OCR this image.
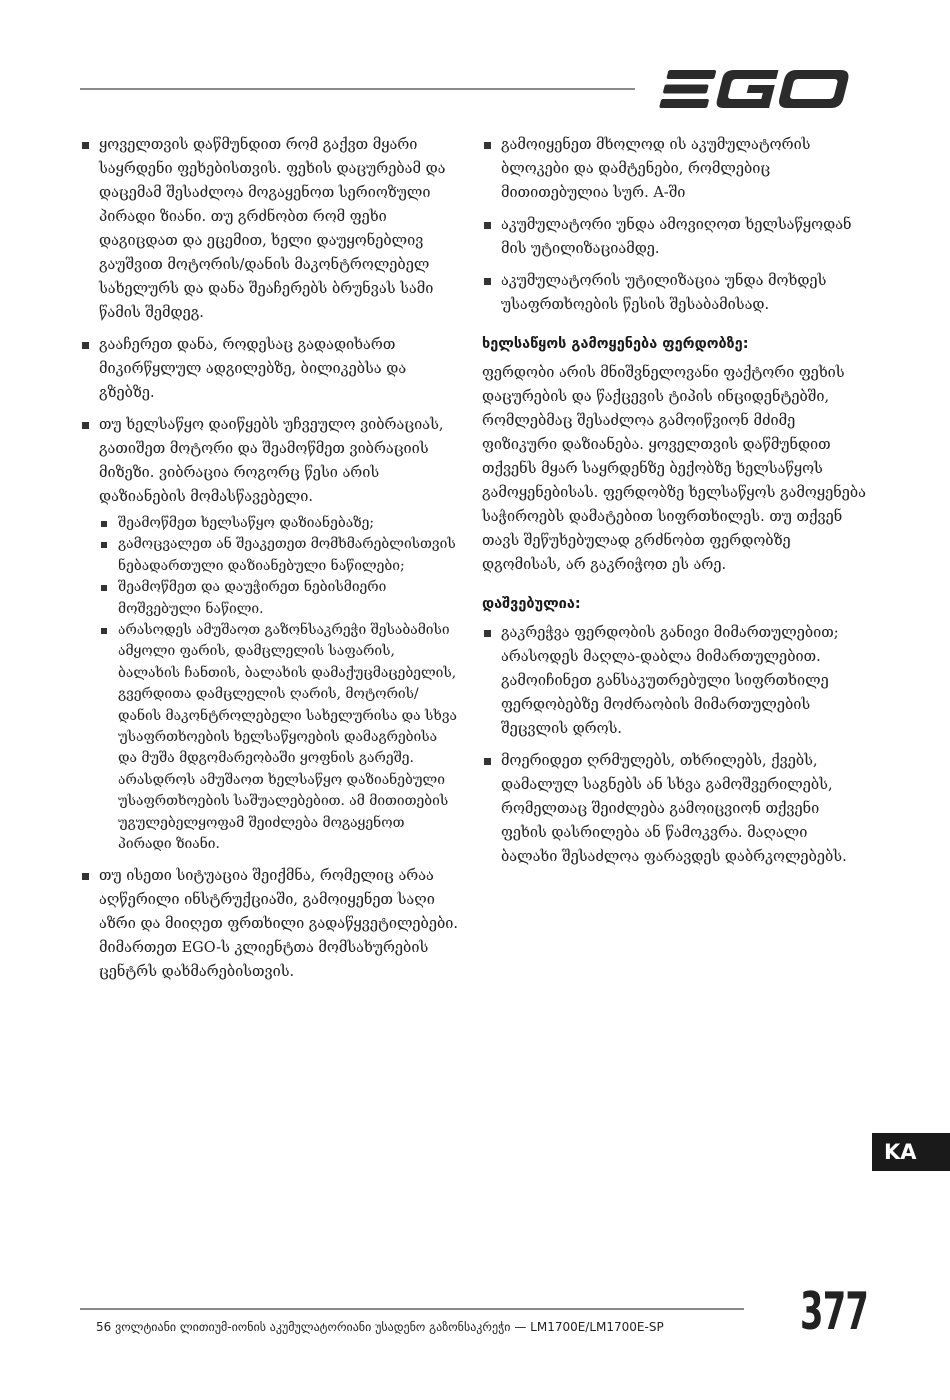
ყოველთვის დაწმუნდით რომ გაქვთ მყარი საყრდენი ფეხებისთვის. ფეხის დაცურებამ და დაცემამ შესაძლოა მოგაყენოთ სერიოზული პირადი ზიანი. თუ გრძნობთ რომ ფეხი დაგიცდათ და ეცემით, ხელი დაუყონებლივ გაუშვით მოტორის/დანის მაკონტროლებელ სახელურს და დანა შეაჩერებს ბრუნვას სამი წამის შემდეგ.
გააჩერეთ დანა, როდესაც გადადიხართ მიკირწყლულ ადგილებზე, ბილიკებსა და გზებზე.
თუ ხელსაწყო დაიწყებს უჩვეულო ვიბრაციას, გათიშეთ მოტორი და შეამოწმეთ ვიბრაციის მიზეზი. ვიბრაცია როგორც წესი არის დაზიანების მომასწავებელი.
შეამოწმეთ ხელსაწყო დაზიანებაზე;
გამოცვალეთ ან შეაკეთეთ მომხმარებლისთვის ნებადართული დაზიანებული ნაწილები;
შეამოწმეთ და დაუჭირეთ ნებისმიერი მოშვებული ნაწილი.
არასოდეს ამუშაოთ გაზონსაკრეჭი შესაბამისი ამყოლი ფარის, დამცლელის საფარის, ბალახის ჩანთის, ბალახის დამაქუცმაცებელის, გვერდითა დამცლელის ღარის, მოტორის/დანის მაკონტროლებელი სახელურისა და სხვა უსაფრთხოების ხელსაწყოების დამაგრებისა და მუშა მდგომარეობაში ყოფნის გარეშე. არასდროს ამუშაოთ ხელსაწყო დაზიანებული უსაფრთხოების საშუალებებით. ამ მითითების უგულებელყოფამ შეიძლება მოგაყენოთ პირადი ზიანი.
თუ ისეთი სიტუაცია შეიქმნა, რომელიც არაა აღწერილი ინსტრუქციაში, გამოიყენეთ საღი აზრი და მიიღეთ ფრთხილი გადაწყვეტილებები. მიმართეთ EGO-ს კლიენტთა მომსახურების ცენტრს დახმარებისთვის.
გამოიყენეთ მხოლოდ ის აკუმულატორის ბლოკები და დამტენები, რომლებიც მითითებულია სურ. A-ში
აკუმულატორი უნდა ამოვიღოთ ხელსაწყოდან მის უტილიზაციამდე.
აკუმულატორის უტილიზაცია უნდა მოხდეს უსაფრთხოების წესის შესაბამისად.
ხელსაწყოს გამოყენება ფერდობზე:

ფერდობი არის მნიშვნელოვანი ფაქტორი ფეხის დაცურების და წაქცევის ტიპის ინციდენტებში, რომლებმაც შესაძლოა გამოიწვიონ მძიმე ფიზიკური დაზიანება. ყოველთვის დაწმუნდით თქვენს მყარ საყრდენზე ბექობზე ხელსაწყოს გამოყენებისას. ფერდობზე ხელსაწყოს გამოყენება საჭიროებს დამატებით სიფრთხილეს. თუ თქვენ თავს შეწუხებულად გრძნობთ ფერდობზე დგომისას, არ გაკრიჭოთ ეს არე.

დაშვებულია:
გაკრეჭვა ფერდობის განივი მიმართულებით; არასოდეს მაღლა-დაბლა მიმართულებით. გამოიჩინეთ განსაკუთრებული სიფრთხილე ფერდობებზე მოძრაობის მიმართულების შეცვლის დროს.
მოერიდეთ ღრმულებს, თხრილებს, ქვებს, დამალულ საგნებს ან სხვა გამოშვერილებს, რომელთაც შეიძლება გამოიცვიონ თქვენი ფეხის დასრილება ან წამოკვრა. მაღალი ბალახი შესაძლოა ფარავდეს დაბრკოლებებს.
KA
56 ვოლტიანი ლითიუმ-იონის აკუმულატორიანი უსადენო გაზონსაკრეჭი — LM1700E/LM1700E-SP	377
